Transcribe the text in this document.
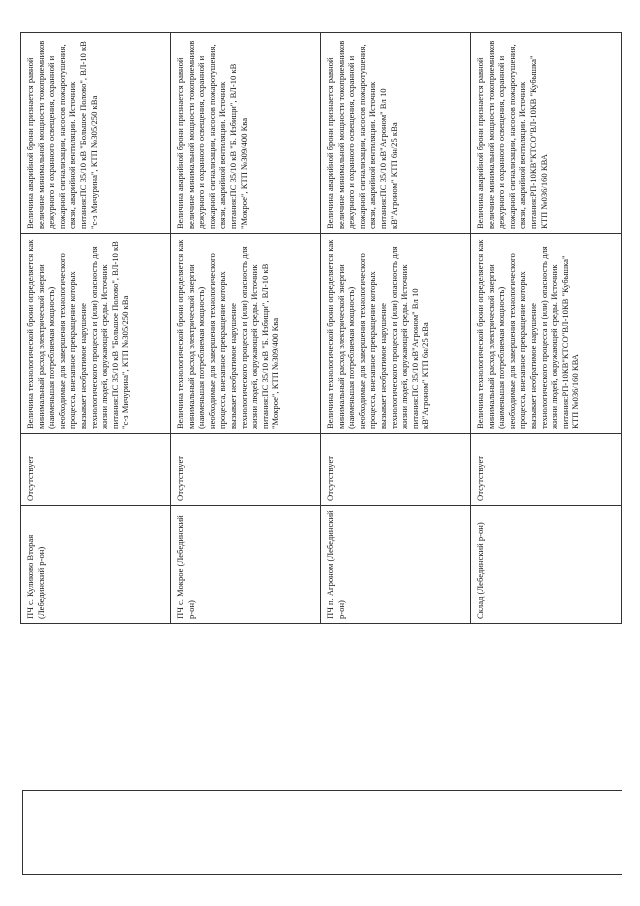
ПЧ с. Куликово Вторая (Лебединский р-он)
Отсутствует
Величина технологической брони определяется как минимальный расход электрической энергии (наименьшая потребляемая мощность) необходимые для завершения технологического процесса, внезапное прекращение которых вызывает необратимое нарушение технологического процесса и (или) опасность для жизни людей, окружающей среды. Источник питания:ПС 35/10 кВ "Большое Полово", ВЛ-10 кВ "с-з Мичурина", КТП №305/250 кВа
Величина аварийной брони признается равной величине минимальной мощности токоприемников дежурного и охранного освещения, охранной и пожарной сигнализации, насосов пожаротушения, связи, аварийной вентиляции. Источник питания:ПС 35/10 кВ "Большое Полово", ВЛ-10 кВ "с-з Мичурина", КТП №305/250 кВа
ПЧ с. Мокрое (Лебединский р-он)
Отсутствует
Величина технологической брони определяется как минимальный расход электрической энергии (наименьшая потребляемая мощность) необходимые для завершения технологического процесса, внезапное прекращение которых вызывает необратимое нарушение технологического процесса и (или) опасность для жизни людей, окружающей среды. Источник питания:ПС 35/10 кВ "Б. Избищи", ВЛ-10 кВ "Мокрое", КТП №309/400 Ква
Величина аварийной брони признается равной величине минимальной мощности токоприемников дежурного и охранного освещения, охранной и пожарной сигнализации, насосов пожаротушения, связи, аварийной вентиляции. Источник питания:ПС 35/10 кВ "Б. Избищи", ВЛ-10 кВ "Мокрое", КТП №309/400 Ква
ПЧ п. Агроном (Лебединский р-он)
Отсутствует
Величина технологической брони определяется как минимальный расход электрической энергии (наименьшая потребляемая мощность) необходимые для завершения технологического процесса, внезапное прекращение которых вызывает необратимое нарушение технологического процесса и (или) опасность для жизни людей, окружающей среды. Источник питания:ПС 35/10 кВ"Агроном" Вл 10 кВ"Агроном" КТП 6н/25 кВа
Величина аварийной брони признается равной величине минимальной мощности токоприемников дежурного и охранного освещения, охранной и пожарной сигнализации, насосов пожаротушения, связи, аварийной вентиляции. Источник питания:ПС 35/10 кВ"Агроном" Вл 10 кВ"Агроном" КТП 6н/25 кВа
Склад (Лебединский р-он)
Отсутствует
Величина технологической брони определяется как минимальный расход электрической энергии (наименьшая потребляемая мощность) необходимые для завершения технологического процесса, внезапное прекращение которых вызывает необратимое нарушение технологического процесса и (или) опасность для жизни людей, окружающей среды. Источник питания:РП-10КВ"КТСО"ВЛ-10КВ "Кубышка" КТП №036/160 КВА
Величина аварийной брони признается равной величине минимальной мощности токоприемников дежурного и охранного освещения, охранной и пожарной сигнализации, насосов пожаротушения, связи, аварийной вентиляции. Источник питания:РП-10КВ"КТСО"ВЛ-10КВ "Кубышка" КТП №036/160 КВА
